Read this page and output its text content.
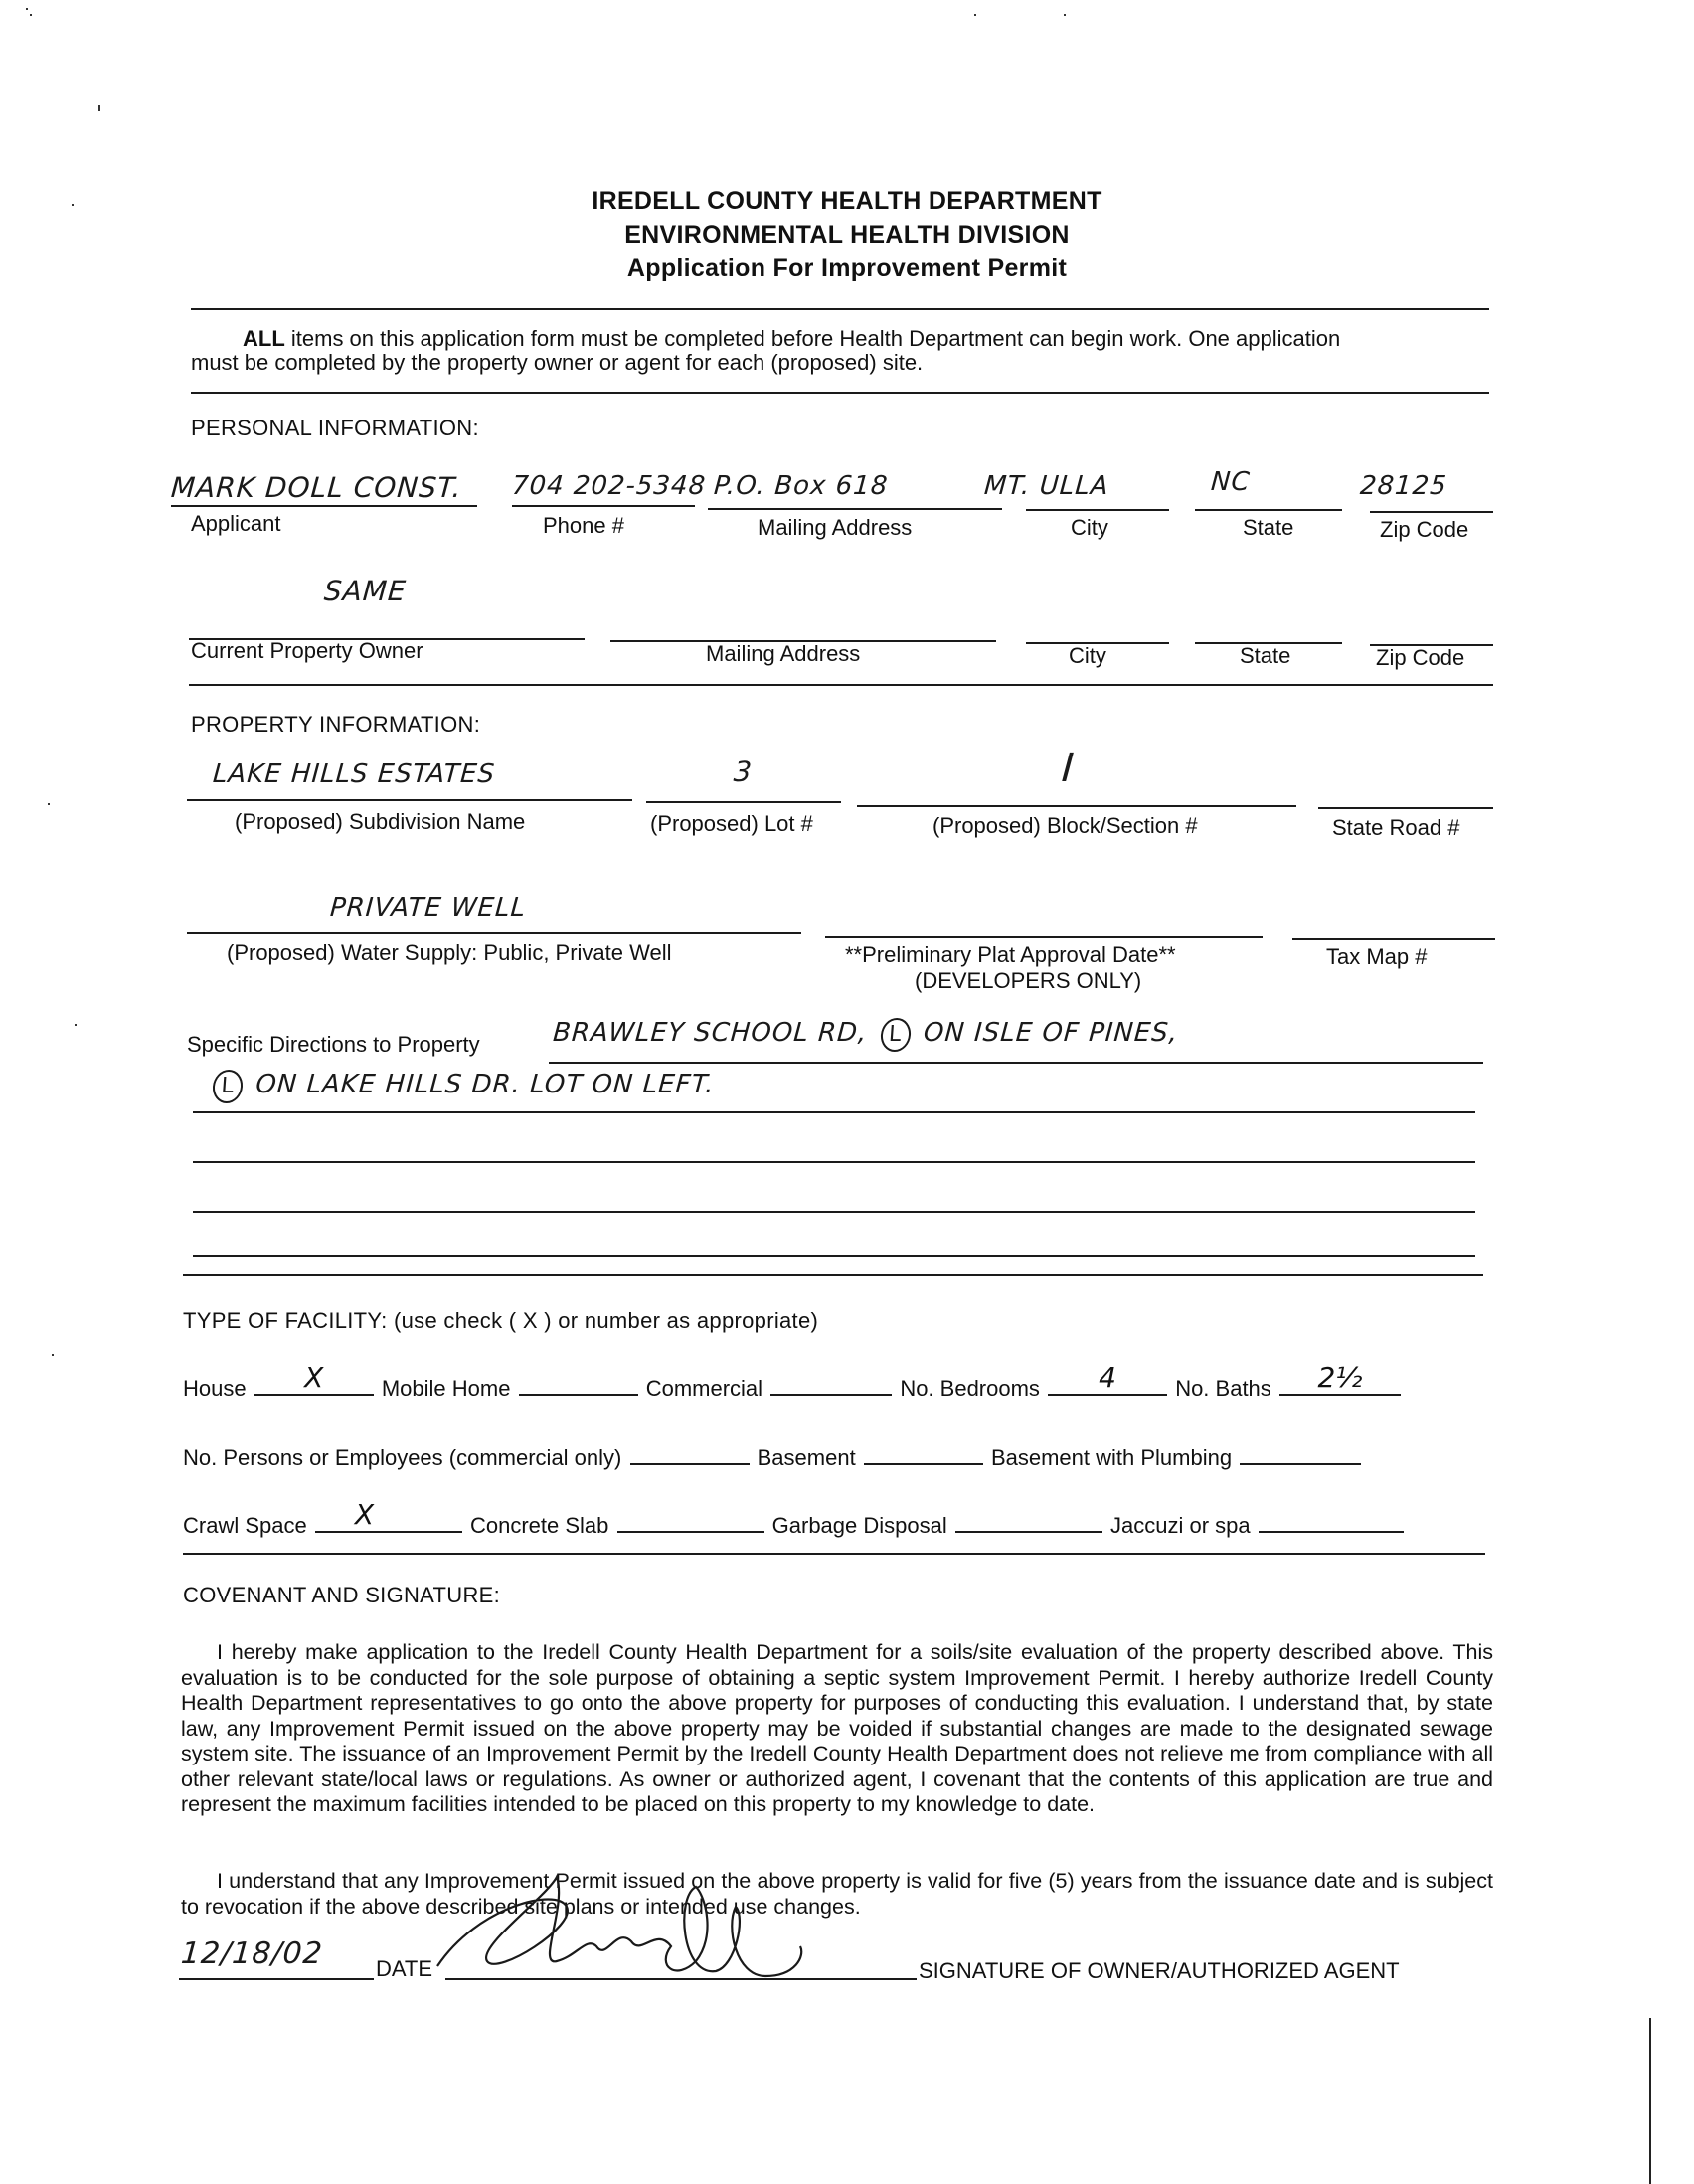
IREDELL COUNTY HEALTH DEPARTMENT
ENVIRONMENTAL HEALTH DIVISION
Application For Improvement Permit
ALL items on this application form must be completed before Health Department can begin work. One application
must be completed by the property owner or agent for each (proposed) site.
PERSONAL INFORMATION:
MARK DOLL CONST. 704 202-5348 P.O. Box 618	MT. ULLA	NC	28125
Applicant	Phone #	Mailing Address	City	State	Zip Code
SAME
Current Property Owner	Mailing Address	City	State	Zip Code
PROPERTY INFORMATION:
LAKE HILLS ESTATES	3	I
(Proposed) Subdivision Name	(Proposed) Lot #	(Proposed) Block/Section #	State Road #
PRIVATE WELL
(Proposed) Water Supply: Public, Private Well	**Preliminary Plat Approval Date**
(DEVELOPERS ONLY)
Tax Map #
Specific Directions to Property	BRAWLEY SCHOOL RD, L ON ISLE OF PINES,
L ON LAKE HILLS DR. LOT ON LEFT.
TYPE OF FACILITY: (use check ( X ) or number as appropriate)
House	X	Mobile Home	Commercial	No. Bedrooms	4	No. Baths	2½
No. Persons or Employees (commercial only)	Basement	Basement with Plumbing
Crawl Space	X	Concrete Slab	Garbage Disposal	Jaccuzi or spa
COVENANT AND SIGNATURE:
I hereby make application to the Iredell County Health Department for a soils/site evaluation of the property described above. This evaluation is to be conducted for the sole purpose of obtaining a septic system Improvement Permit. I hereby authorize Iredell County Health Department representatives to go onto the above property for purposes of conducting this evaluation. I understand that, by state law, any Improvement Permit issued on the above property may be voided if substantial changes are made to the designated sewage system site. The issuance of an Improvement Permit by the Iredell County Health Department does not relieve me from compliance with all other relevant state/local laws or regulations. As owner or authorized agent, I covenant that the contents of this application are true and represent the maximum facilities intended to be placed on this property to my knowledge to date.
I understand that any Improvement Permit issued on the above property is valid for five (5) years from the issuance date and is subject to revocation if the above described site plans or intended use changes.
12/18/02 DATE	SIGNATURE OF OWNER/AUTHORIZED AGENT
